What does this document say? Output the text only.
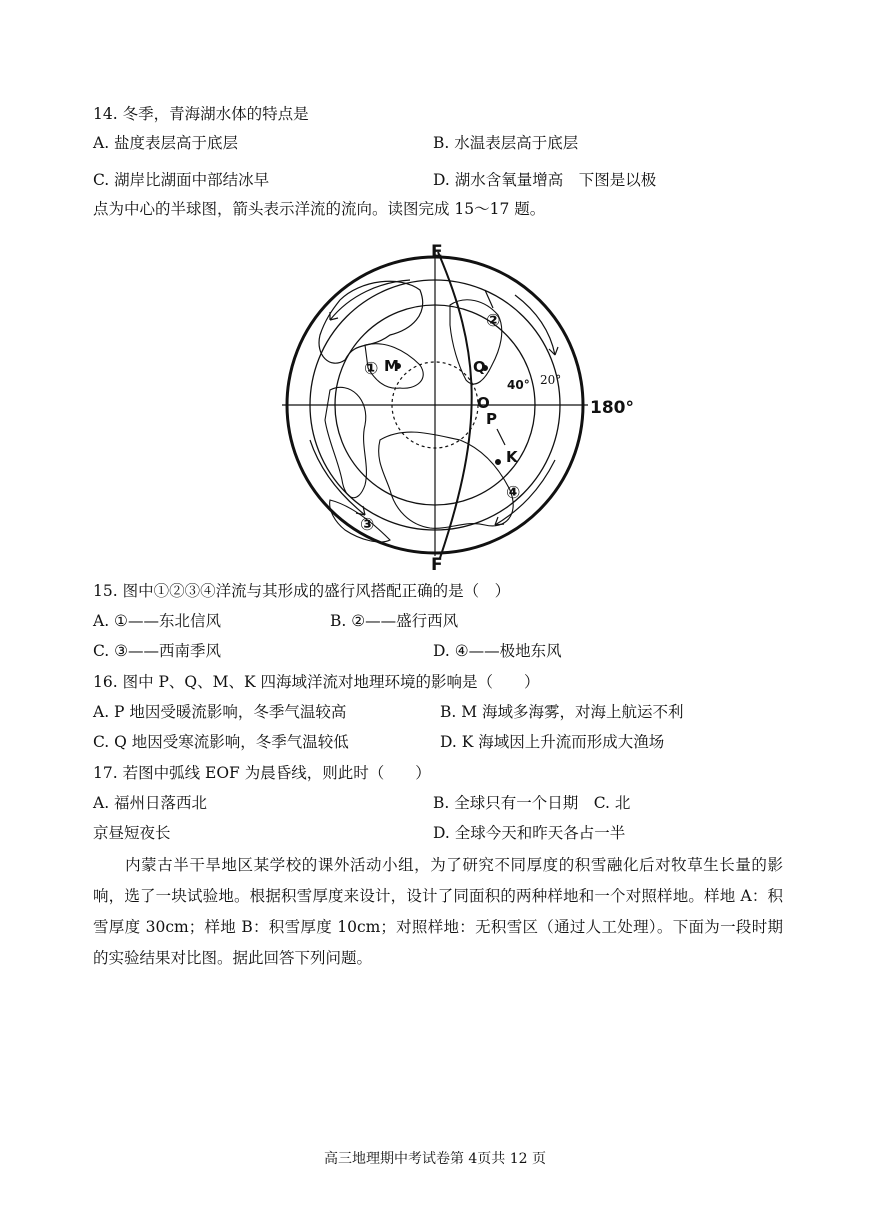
14. 冬季，青海湖水体的特点是
A. 盐度表层高于底层	B. 水温表层高于底层
C. 湖岸比湖面中部结冰早	D. 湖水含氧量增高　下图是以极
点为中心的半球图，箭头表示洋流的流向。读图完成 15～17 题。
E
F
180°
40° 20°
M	Q
O
P
K
①
②
③
④
15. 图中①②③④洋流与其形成的盛行风搭配正确的是（　）
A. ①——东北信风	B. ②——盛行西风
C. ③——西南季风	D. ④——极地东风
16. 图中 P、Q、M、K 四海域洋流对地理环境的影响是（　　）
A. P 地因受暖流影响，冬季气温较高	B. M 海域多海雾，对海上航运不利
C. Q 地因受寒流影响，冬季气温较低	D. K 海域因上升流而形成大渔场
17. 若图中弧线 EOF 为晨昏线，则此时（　　）
A. 福州日落西北	B. 全球只有一个日期　C. 北
京昼短夜长	D. 全球今天和昨天各占一半
　　内蒙古半干旱地区某学校的课外活动小组，为了研究不同厚度的积雪融化后对牧草生长量的影响，选了一块试验地。根据积雪厚度来设计，设计了同面积的两种样地和一个对照样地。样地 A：积雪厚度 30cm；样地 B：积雪厚度 10cm；对照样地：无积雪区（通过人工处理）。下面为一段时期的实验结果对比图。据此回答下列问题。
高三地理期中考试卷第 4页共 12 页
